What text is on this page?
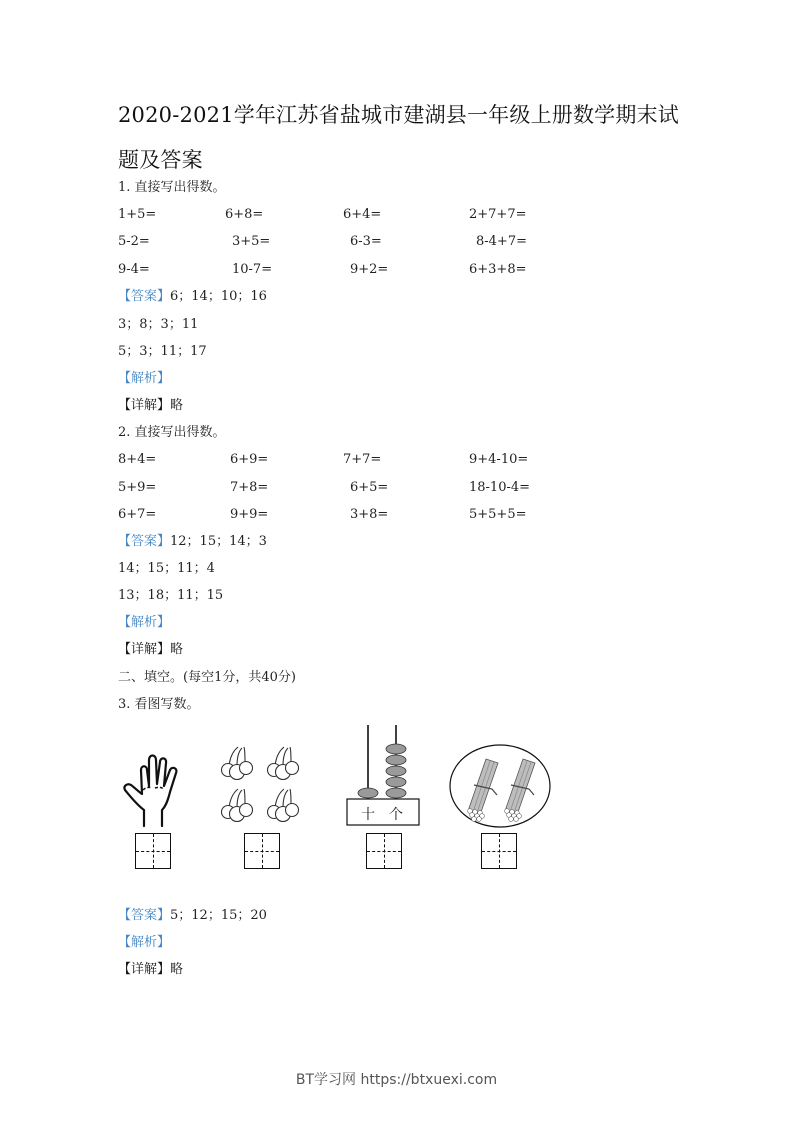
2020-2021学年江苏省盐城市建湖县一年级上册数学期末试
题及答案
1. 直接写出得数。
1+5=	6+8=	6+4=	2+7+7=
5-2=	3+5=	6-3=	8-4+7=
9-4=	10-7=	9+2=	6+3+8=
【答案】6；14；10；16
3；8；3；11
5；3；11；17
【解析】
【详解】略
2. 直接写出得数。
8+4=	6+9=	7+7=	9+4-10=
5+9=	7+8=	6+5=	18-10-4=
6+7=	9+9=	3+8=	5+5+5=
【答案】12；15；14；3
14；15；11；4
13；18；11；15
【解析】
【详解】略
二、填空。(每空1分，共40分)
3. 看图写数。
十 个
【答案】5；12；15；20
【解析】
【详解】略
BT学习网 https://btxuexi.com
